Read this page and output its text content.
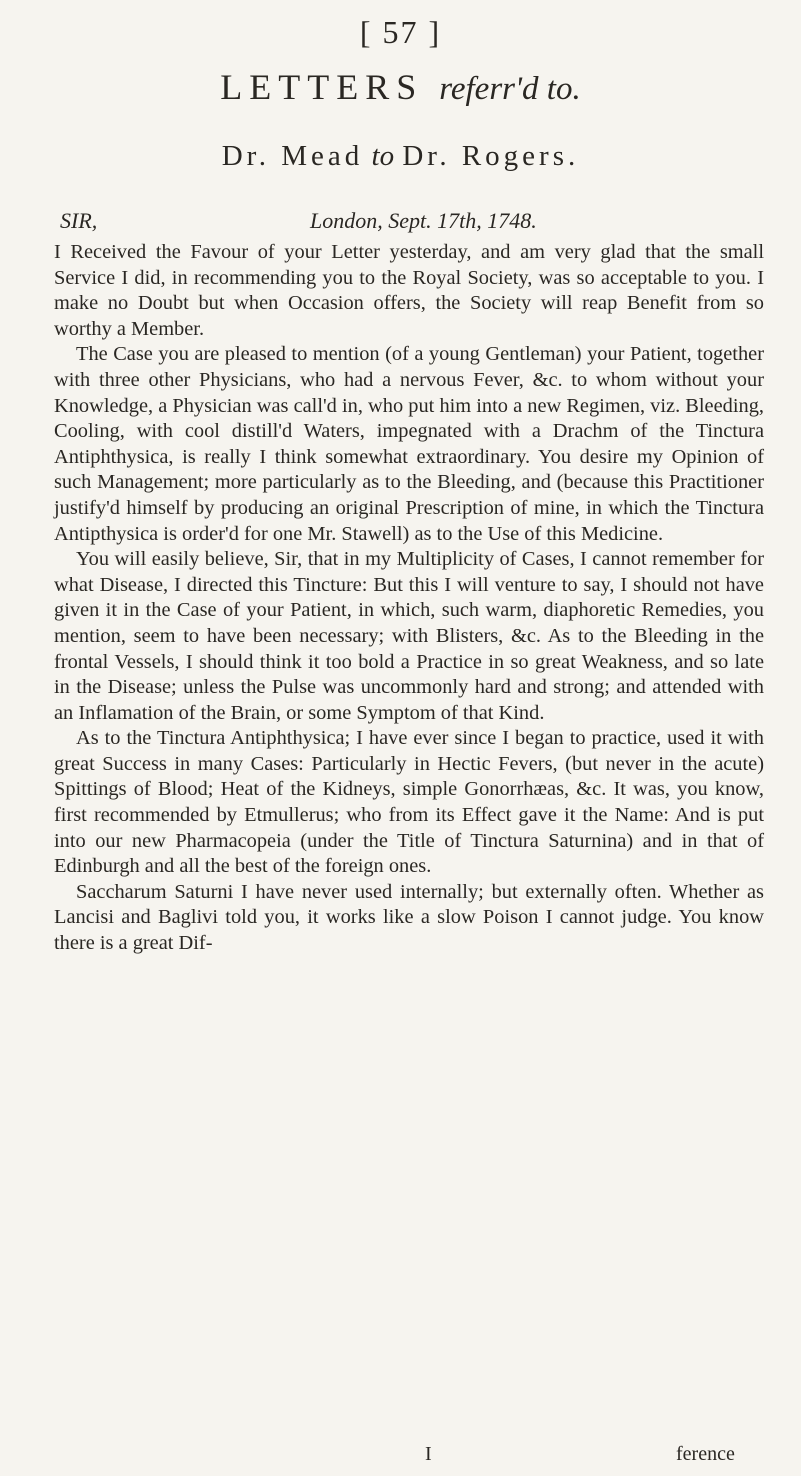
[ 57 ]
LETTERS referr'd to.
Dr. Mead to Dr. Rogers.
SIR,	London, Sept. 17th, 1748.

I Received the Favour of your Letter yesterday, and am very glad that the small Service I did, in recommending you to the Royal Society, was so acceptable to you. I make no Doubt but when Occasion offers, the Society will reap Benefit from so worthy a Member.

The Case you are pleased to mention (of a young Gentleman) your Patient, together with three other Physicians, who had a nervous Fever, &c. to whom without your Knowledge, a Physician was call'd in, who put him into a new Regimen, viz. Bleeding, Cooling, with cool distill'd Waters, impegnated with a Drachm of the Tinctura Antiphthysica, is really I think somewhat extraordinary. You desire my Opinion of such Management; more particularly as to the Bleeding, and (because this Practitioner justify'd himself by producing an original Prescription of mine, in which the Tinctura Antipthysica is order'd for one Mr. Stawell) as to the Use of this Medicine.

You will easily believe, Sir, that in my Multiplicity of Cases, I cannot remember for what Disease, I directed this Tincture: But this I will venture to say, I should not have given it in the Case of your Patient, in which, such warm, diaphoretic Remedies, you mention, seem to have been necessary; with Blisters, &c. As to the Bleeding in the frontal Vessels, I should think it too bold a Practice in so great Weakness, and so late in the Disease; unless the Pulse was uncommonly hard and strong; and attended with an Inflamation of the Brain, or some Symptom of that Kind.

As to the Tinctura Antiphthysica; I have ever since I began to practice, used it with great Success in many Cases: Particularly in Hectic Fevers, (but never in the acute) Spittings of Blood; Heat of the Kidneys, simple Gonorrhæas, &c. It was, you know, first recommended by Etmullerus; who from its Effect gave it the Name: And is put into our new Pharmacopeia (under the Title of Tinctura Saturnina) and in that of Edinburgh and all the best of the foreign ones.

Saccharum Saturni I have never used internally; but externally often. Whether as Lancisi and Baglivi told you, it works like a slow Poison I cannot judge. You know there is a great Dif-

I	ference
